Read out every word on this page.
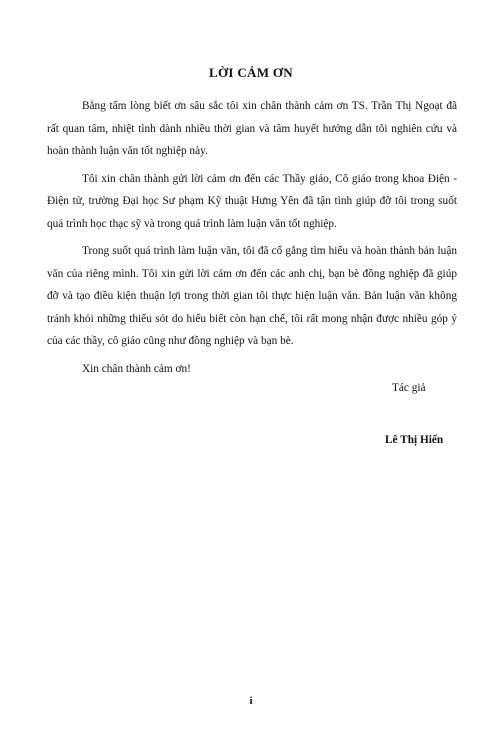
LỜI CẢM ƠN

Bằng tấm lòng biết ơn sâu sắc tôi xin chân thành cảm ơn TS. Trần Thị Ngoạt đã rất quan tâm, nhiệt tình dành nhiều thời gian và tâm huyết hướng dẫn tôi nghiên cứu và hoàn thành luận văn tốt nghiệp này.

Tôi xin chân thành gửi lời cảm ơn đến các Thầy giáo, Cô giáo trong khoa Điện - Điện tử, trường Đại học Sư phạm Kỹ thuật Hưng Yên đã tận tình giúp đỡ tôi trong suốt quá trình học thạc sỹ và trong quá trình làm luận văn tốt nghiệp.

Trong suốt quá trình làm luận văn, tôi đã cố gắng tìm hiểu và hoàn thành bản luận văn của riêng mình. Tôi xin gửi lời cảm ơn đến các anh chị, bạn bè đồng nghiệp đã giúp đỡ và tạo điều kiện thuận lợi trong thời gian tôi thực hiện luận văn. Bản luận văn không tránh khỏi những thiếu sót do hiểu biết còn hạn chế, tôi rất mong nhận được nhiều góp ý của các thầy, cô giáo cũng như đồng nghiệp và bạn bè.

Xin chân thành cảm ơn!

Tác giả
Lê Thị Hiến
i
